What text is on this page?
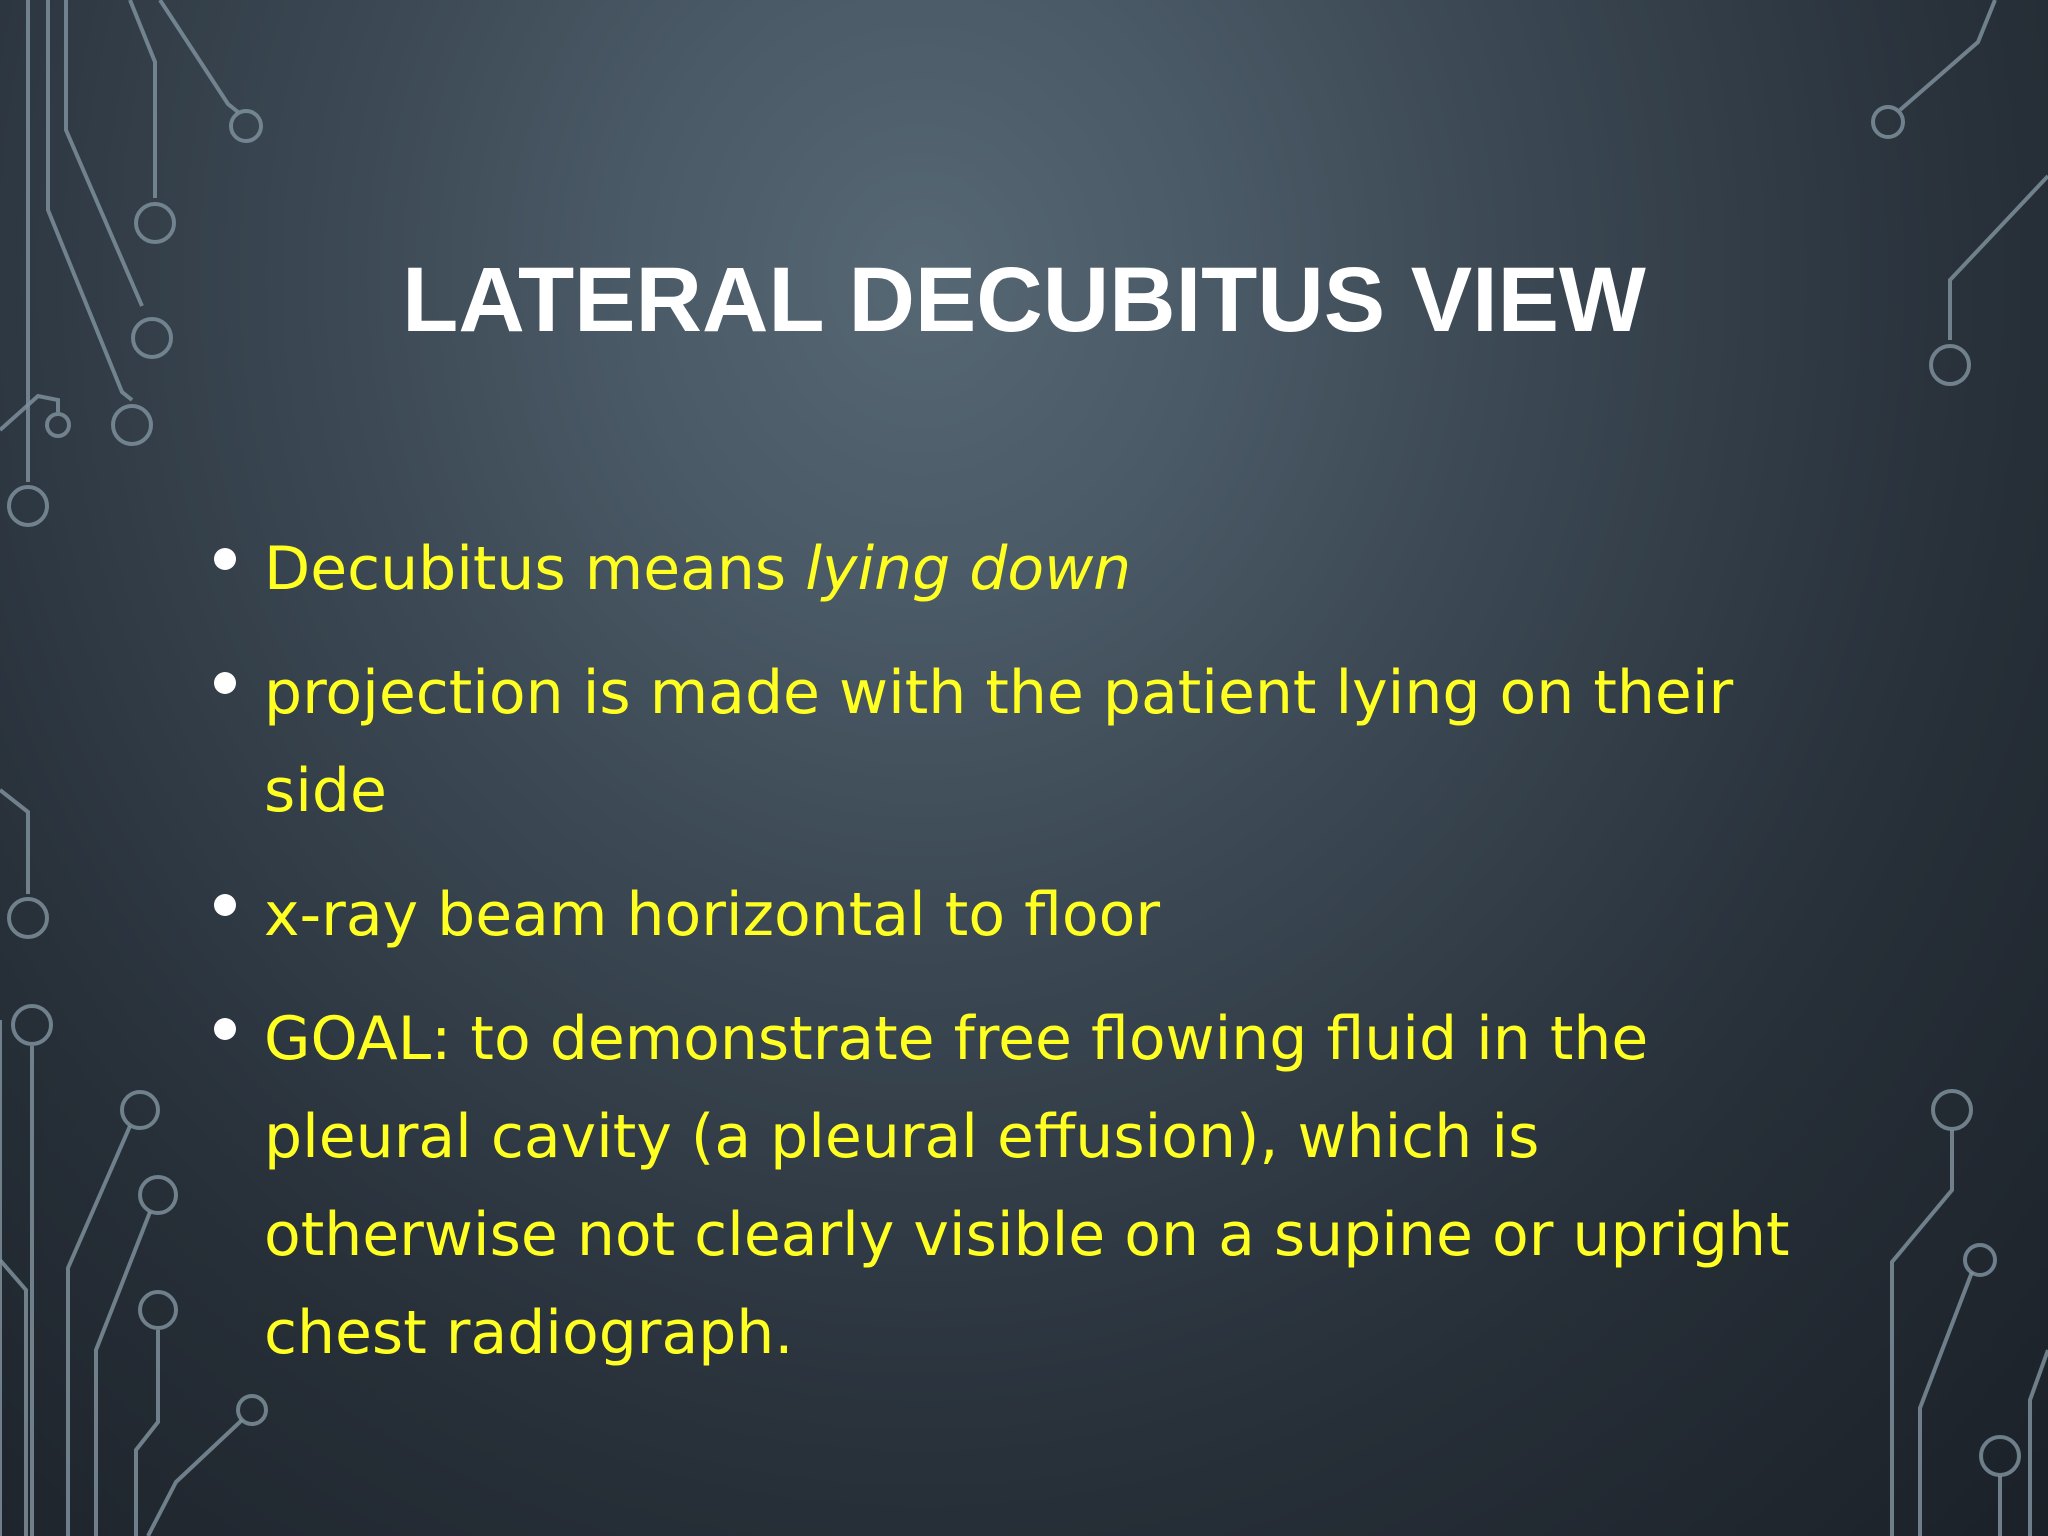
LATERAL DECUBITUS VIEW
Decubitus means lying down
projection is made with the patient lying on their side
x-ray beam horizontal to floor
GOAL: to demonstrate free flowing fluid in the pleural cavity (a pleural effusion), which is otherwise not clearly visible on a supine or upright chest radiograph.
